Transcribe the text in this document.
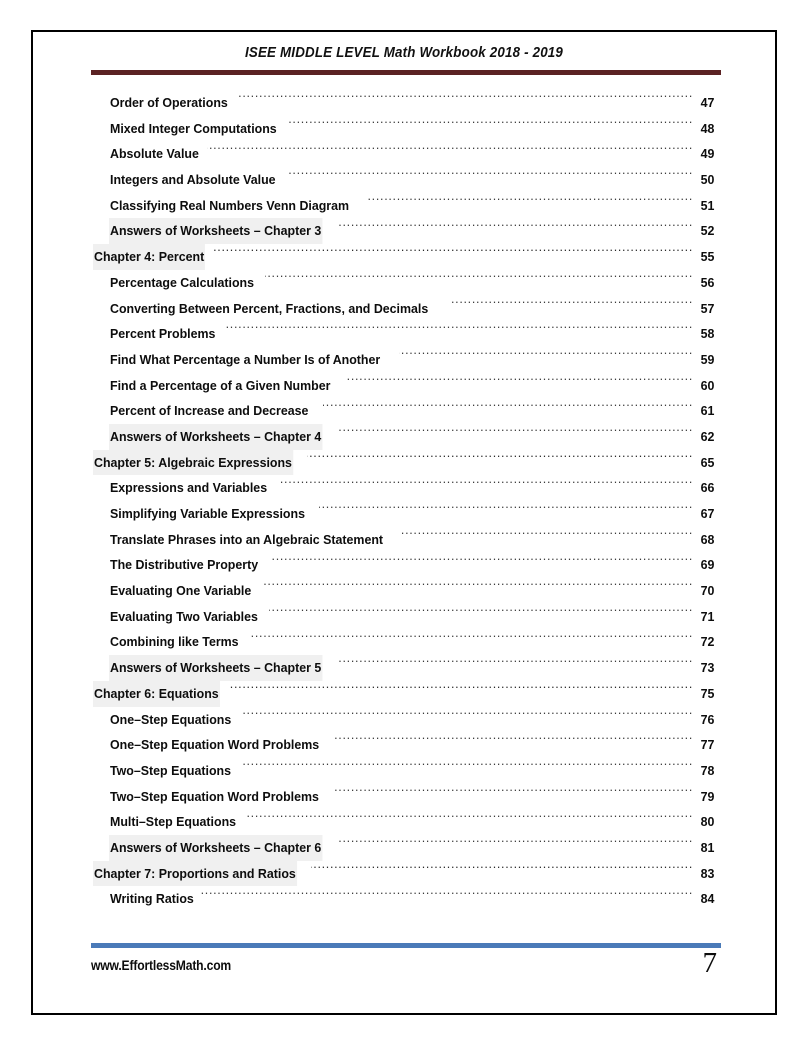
ISEE MIDDLE LEVEL Math Workbook 2018 - 2019
Order of Operations .....	47
Mixed Integer Computations .....	48
Absolute Value .....	49
Integers and Absolute Value .....	50
Classifying Real Numbers Venn Diagram .....	51
Answers of Worksheets – Chapter 3 .....	52
Chapter 4: Percent .....	55
Percentage Calculations .....	56
Converting Between Percent, Fractions, and Decimals .....	57
Percent Problems .....	58
Find What Percentage a Number Is of Another .....	59
Find a Percentage of a Given Number .....	60
Percent of Increase and Decrease .....	61
Answers of Worksheets – Chapter 4 .....	62
Chapter 5: Algebraic Expressions .....	65
Expressions and Variables .....	66
Simplifying Variable Expressions .....	67
Translate Phrases into an Algebraic Statement .....	68
The Distributive Property .....	69
Evaluating One Variable .....	70
Evaluating Two Variables .....	71
Combining like Terms .....	72
Answers of Worksheets – Chapter 5 .....	73
Chapter 6: Equations .....	75
One–Step Equations .....	76
One–Step Equation Word Problems .....	77
Two–Step Equations .....	78
Two–Step Equation Word Problems .....	79
Multi–Step Equations .....	80
Answers of Worksheets – Chapter 6 .....	81
Chapter 7: Proportions and Ratios .....	83
Writing Ratios .....	84
www.EffortlessMath.com	7
